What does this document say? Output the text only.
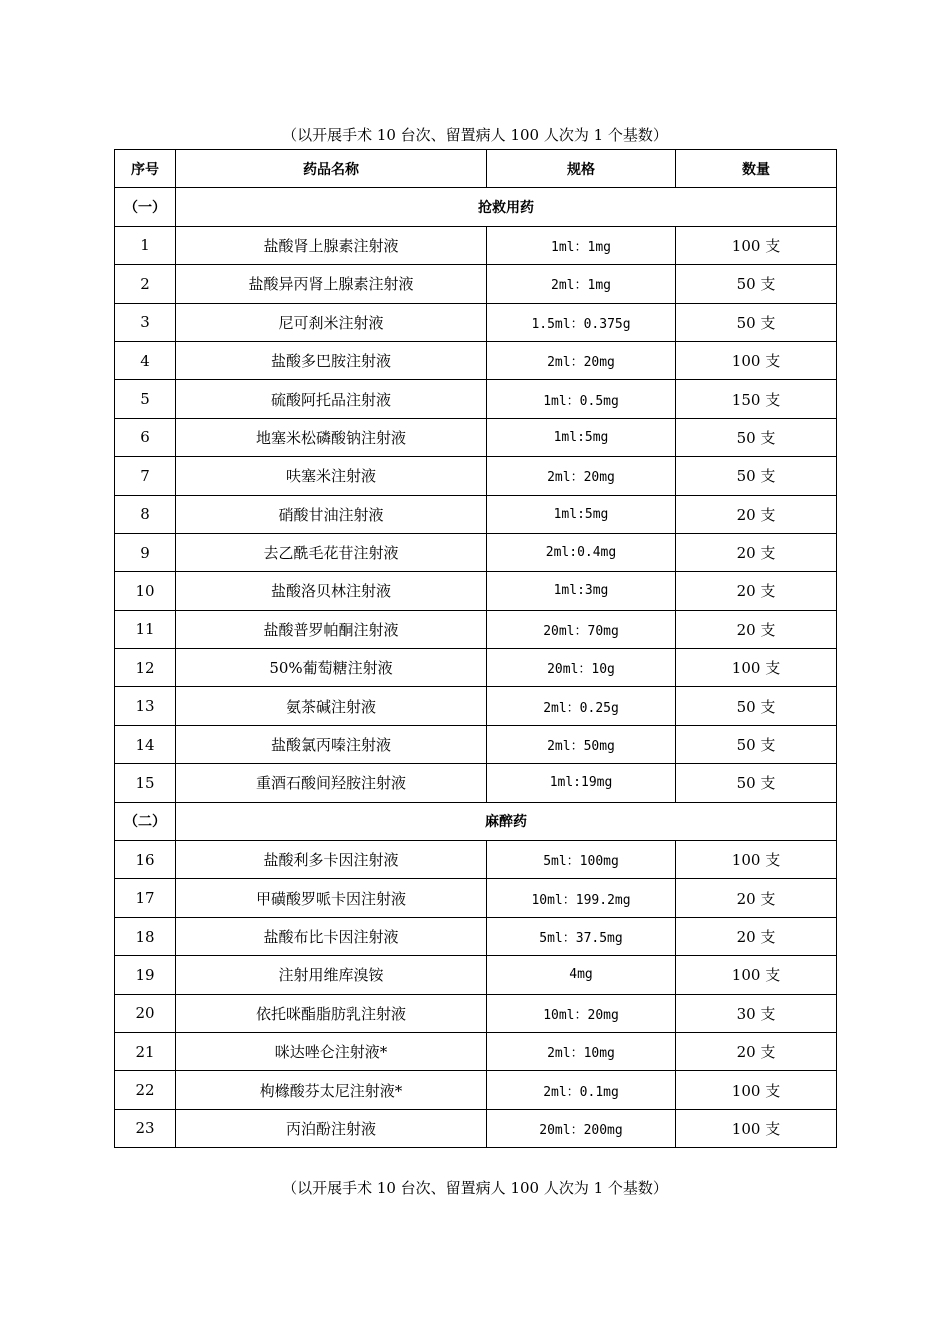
（以开展手术 10 台次、留置病人 100 人次为 1 个基数）
序号	药品名称	规格	数量
（一）	抢救用药		
1	盐酸肾上腺素注射液	1ml：1mg	100 支
2	盐酸异丙肾上腺素注射液	2ml：1mg	50 支
3	尼可刹米注射液	1.5ml：0.375g	50 支
4	盐酸多巴胺注射液	2ml：20mg	100 支
5	硫酸阿托品注射液	1ml：0.5mg	150 支
6	地塞米松磷酸钠注射液	1ml:5mg	50 支
7	呋塞米注射液	2ml：20mg	50 支
8	硝酸甘油注射液	1ml:5mg	20 支
9	去乙酰毛花苷注射液	2ml:0.4mg	20 支
10	盐酸洛贝林注射液	1ml:3mg	20 支
11	盐酸普罗帕酮注射液	20ml：70mg	20 支
12	50%葡萄糖注射液	20ml：10g	100 支
13	氨茶碱注射液	2ml：0.25g	50 支
14	盐酸氯丙嗪注射液	2ml：50mg	50 支
15	重酒石酸间羟胺注射液	1ml:19mg	50 支
（二）	麻醉药		
16	盐酸利多卡因注射液	5ml：100mg	100 支
17	甲磺酸罗哌卡因注射液	10ml：199.2mg	20 支
18	盐酸布比卡因注射液	5ml：37.5mg	20 支
19	注射用维库溴铵	4mg	100 支
20	依托咪酯脂肪乳注射液	10ml：20mg	30 支
21	咪达唑仑注射液*	2ml：10mg	20 支
22	枸橼酸芬太尼注射液*	2ml：0.1mg	100 支
23	丙泊酚注射液	20ml：200mg	100 支
（以开展手术 10 台次、留置病人 100 人次为 1 个基数）
